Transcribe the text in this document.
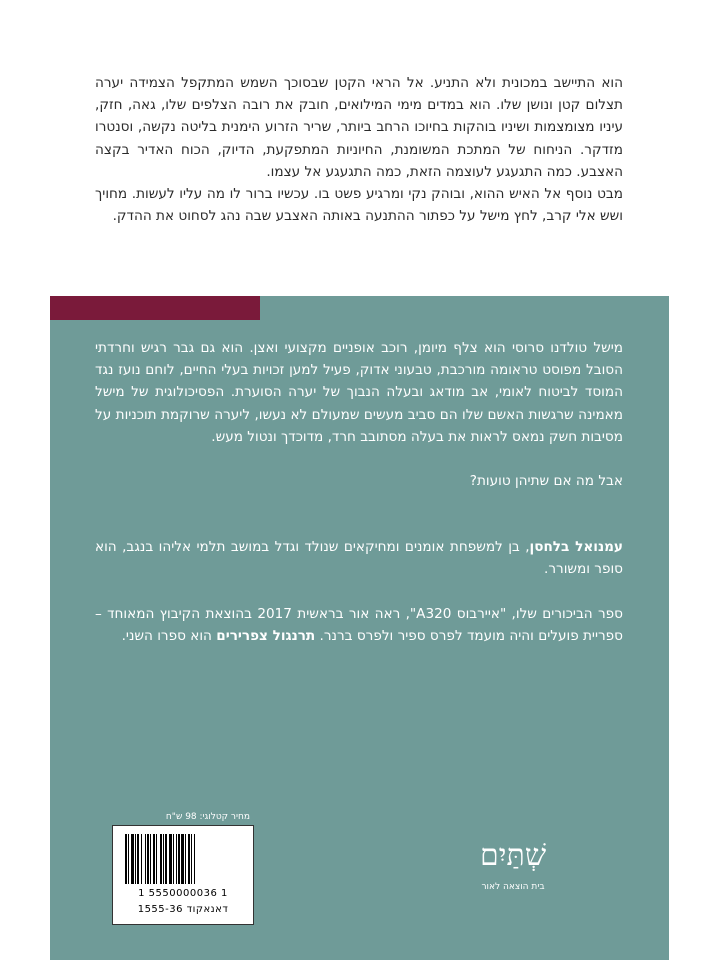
הוא התיישב במכונית ולא התניע. אל הראי הקטן שבסוכך השמש המתקפל הצמידה יערה תצלום קטן ונושן שלו. הוא במדים מימי המילואים, חובק את רובה הצלפים שלו, גאה, חזק, עיניו מצומצמות ושיניו בוהקות בחיוכו הרחב ביותר, שריר הזרוע הימנית בליטה נקשה, וסנטרו מזדקר. הניחוח של המתכת המשומנת, החיוניות המתפקעת, הדיוק, הכוח האדיר בקצה האצבע. כמה התגעגע לעוצמה הזאת, כמה התגעגע אל עצמו.

מבט נוסף אל האיש ההוא, ובוהק נקי ומרגיע פשט בו. עכשיו ברור לו מה עליו לעשות. מחויך ושש אלי קרב, לחץ מישל על כפתור ההתנעה באותה האצבע שבה נהג לסחוט את ההדק.

מישל טולדנו סרוסי הוא צלף מיומן, רוכב אופניים מקצועי ואצן. הוא גם גבר רגיש וחרדתי הסובל מפוסט טראומה מורכבת, טבעוני אדוק, פעיל למען זכויות בעלי החיים, לוחם נועז נגד המוסד לביטוח לאומי, אב מודאג ובעלה הנבוך של יערה הסוערת. הפסיכולוגית של מישל מאמינה שרגשות האשם שלו הם סביב מעשים שמעולם לא נעשו, ליערה שרוקמת תוכניות על מסיבות חשק נמאס לראות את בעלה מסתובב חרד, מדוכדך ונטול מעש.

אבל מה אם שתיהן טועות?

עמנואל בלחסן, בן למשפחת אומנים ומחיקאים שנולד וגדל במושב תלמי אליהו בנגב, הוא סופר ומשורר.

ספר הביכורים שלו, "איירבוס A320", ראה אור בראשית 2017 בהוצאת הקיבוץ המאוחד – ספריית פועלים והיה מועמד לפרס ספיר ולפרס ברנר. תרנגול צפרירים הוא ספרו השני.

מחיר קטלוגי: 98 ש"ח
1 5550000036 1
דאנאקוד 1555-36
שְׁתַּיִם
בית הוצאה לאור
